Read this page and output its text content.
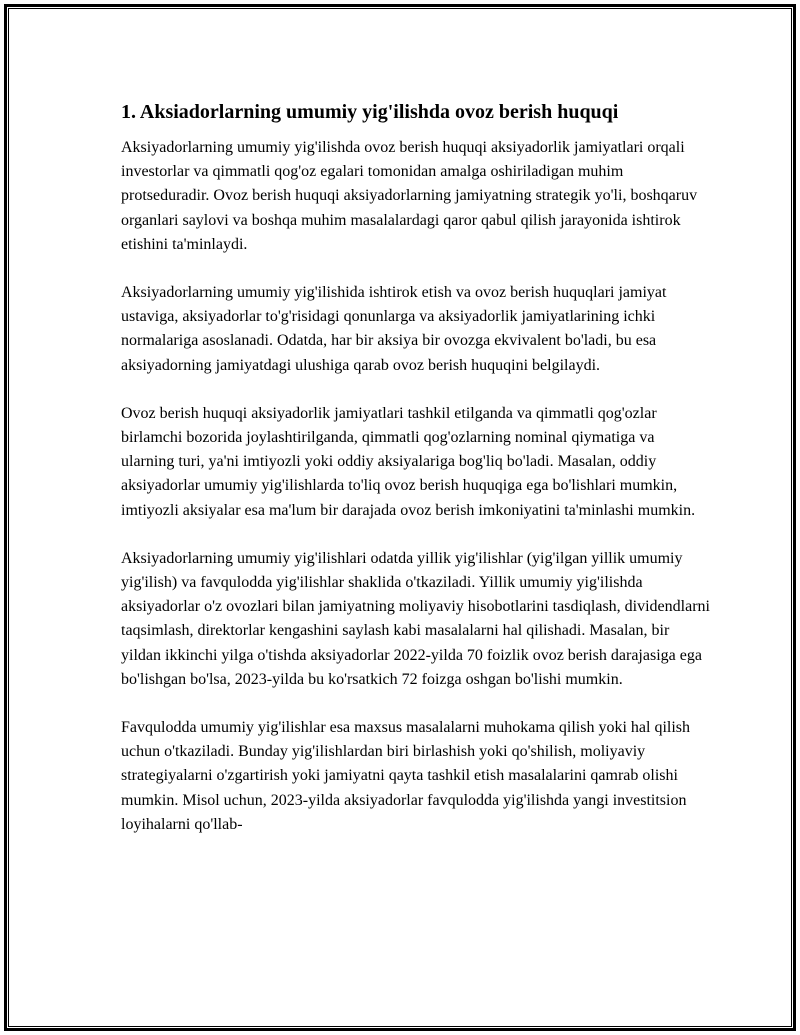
1. Aksiadorlarning umumiy yig'ilishda ovoz berish huquqi

Aksiyadorlarning umumiy yig'ilishda ovoz berish huquqi aksiyadorlik jamiyatlari orqali investorlar va qimmatli qog'oz egalari tomonidan amalga oshiriladigan muhim protseduradir. Ovoz berish huquqi aksiyadorlarning jamiyatning strategik yo'li, boshqaruv organlari saylovi va boshqa muhim masalalardagi qaror qabul qilish jarayonida ishtirok etishini ta'minlaydi.

Aksiyadorlarning umumiy yig'ilishida ishtirok etish va ovoz berish huquqlari jamiyat ustaviga, aksiyadorlar to'g'risidagi qonunlarga va aksiyadorlik jamiyatlarining ichki normalariga asoslanadi. Odatda, har bir aksiya bir ovozga ekvivalent bo'ladi, bu esa aksiyadorning jamiyatdagi ulushiga qarab ovoz berish huquqini belgilaydi.

Ovoz berish huquqi aksiyadorlik jamiyatlari tashkil etilganda va qimmatli qog'ozlar birlamchi bozorida joylashtirilganda, qimmatli qog'ozlarning nominal qiymatiga va ularning turi, ya'ni imtiyozli yoki oddiy aksiyalariga bog'liq bo'ladi. Masalan, oddiy aksiyadorlar umumiy yig'ilishlarda to'liq ovoz berish huquqiga ega bo'lishlari mumkin, imtiyozli aksiyalar esa ma'lum bir darajada ovoz berish imkoniyatini ta'minlashi mumkin.

Aksiyadorlarning umumiy yig'ilishlari odatda yillik yig'ilishlar (yig'ilgan yillik umumiy yig'ilish) va favqulodda yig'ilishlar shaklida o'tkaziladi. Yillik umumiy yig'ilishda aksiyadorlar o'z ovozlari bilan jamiyatning moliyaviy hisobotlarini tasdiqlash, dividendlarni taqsimlash, direktorlar kengashini saylash kabi masalalarni hal qilishadi. Masalan, bir yildan ikkinchi yilga o'tishda aksiyadorlar 2022-yilda 70 foizlik ovoz berish darajasiga ega bo'lishgan bo'lsa, 2023-yilda bu ko'rsatkich 72 foizga oshgan bo'lishi mumkin.

Favqulodda umumiy yig'ilishlar esa maxsus masalalarni muhokama qilish yoki hal qilish uchun o'tkaziladi. Bunday yig'ilishlardan biri birlashish yoki qo'shilish, moliyaviy strategiyalarni o'zgartirish yoki jamiyatni qayta tashkil etish masalalarini qamrab olishi mumkin. Misol uchun, 2023-yilda aksiyadorlar favqulodda yig'ilishda yangi investitsion loyihalarni qo'llab-
